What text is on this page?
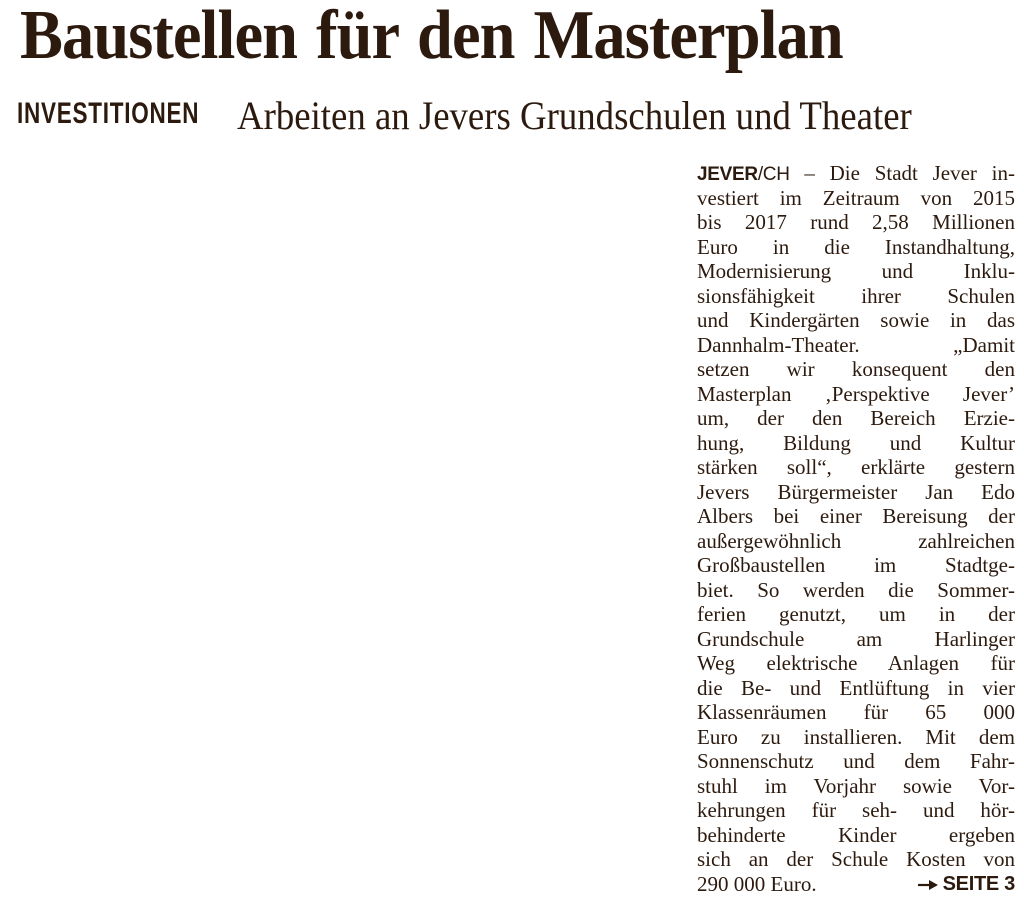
Baustellen für den Masterplan
INVESTITIONEN Arbeiten an Jevers Grundschulen und Theater
JEVER/CH – Die Stadt Jever in-
vestiert im Zeitraum von 2015
bis 2017 rund 2,58 Millionen
Euro in die Instandhaltung,
Modernisierung und Inklu-
sionsfähigkeit ihrer Schulen
und Kindergärten sowie in das
Dannhalm-Theater. „Damit
setzen wir konsequent den
Masterplan ‚Perspektive Jever’
um, der den Bereich Erzie-
hung, Bildung und Kultur
stärken soll“, erklärte gestern
Jevers Bürgermeister Jan Edo
Albers bei einer Bereisung der
außergewöhnlich zahlreichen
Großbaustellen im Stadtge-
biet. So werden die Sommer-
ferien genutzt, um in der
Grundschule am Harlinger
Weg elektrische Anlagen für
die Be- und Entlüftung in vier
Klassenräumen für 65 000
Euro zu installieren. Mit dem
Sonnenschutz und dem Fahr-
stuhl im Vorjahr sowie Vor-
kehrungen für seh- und hör-
behinderte Kinder ergeben
sich an der Schule Kosten von
290 000 Euro.	SEITE 3
